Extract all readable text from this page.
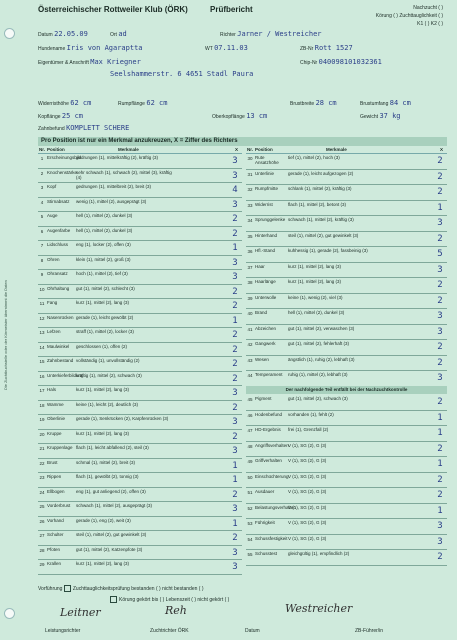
Die Zuchtbuchstelle oder der Körmeister übernimmt die Daten
Österreichischer Rottweiler Klub (ÖRK)	Prüfbericht	Nachzucht ( )
Körung ( ) Zuchttauglichkeit ( )
K1 ( ) K2 ( )
Datum 22.05.09	Ort ad	Richter Jarner / Westreicher
Hundename Iris von Agaraptta	WT 07.11.03	ZB-Nr Rott 1527
Eigentümer & Anschrift Max Kriegner	Chip-Nr 040098101032361
Seelshammerstr. 6 4651 Stadl Paura
Widerristhöhe 62 cm	Rumpflänge 62 cm	Brustbreite 28 cm	Brustumfang 84 cm
Kopflänge 25 cm	Oberkopflänge 13 cm	Gewicht 37 kg
Zahnbefund KOMPLETT SCHERE
Pro Position ist nur ein Merkmal anzukreuzen, X = Ziffer des Richters
Nr. Position	Merkmale	X Nr. Position	Merkmale	X
1 Erscheinungsbild
gedrungen (1), mittelkräftig (2), kräftig (3)	3
2 Knochenstärke
sehr schwach (1), schwach (2), mittel (3), kräftig (4)	3
3 Kopf	gedrungen (1), mittelbreit (2), breit (3)	4
4 Stirnabsatz	wenig (1), mittel (2), ausgeprägt (3)	3
5 Auge	hell (1), mittel (2), dunkel (3)	2
6 Augenfarbe	hell (1), mittel (2), dunkel (3)	2
7 Lidschluss	eng (1), locker (2), offen (3)	1
8 Ohren	klein (1), mittel (2), groß (3)	3
9 Ohransatz	hoch (1), mittel (2), tief (3)	3
10 Ohrhaltung	gut (1), mittel (2), schlecht (3)	2
11 Fang	kurz (1), mittel (2), lang (3)	2
12 Nasenrücken gerade (1), leicht gewölbt (2)	1
13 Lefzen	straff (1), mittel (2), locker (3)	2
14 Maulwinkel	geschlossen (1), offen (2)	2
15 Zahnbestand vollständig (1), unvollständig (2)	2
16 Unterkieferbildung
kräftig (1), mittel (2), schwach (3)	2
17 Hals	kurz (1), mittel (2), lang (3)	3
18 Wamme	keine (1), leicht (2), deutlich (3)	2
19 Oberlinie	gerade (1), Senkrücken (2), Karpfenrücken (3)	3
20 Kruppe	kurz (1), mittel (2), lang (3)	2
21 Kruppenlage flach (1), leicht abfallend (2), steil (3)	3
22 Brust	schmal (1), mittel (2), breit (3)	1
23 Rippen	flach (1), gewölbt (2), tonnig (3)	1
24 Ellbogen	eng (1), gut anliegend (2), offen (3)	2
25 Vorderbrust	schwach (1), mittel (2), ausgeprägt (3)	3
26 Vorhand	gerade (1), eng (2), weit (3)	1
27 Schulter	steil (1), mittel (2), gut gewinkelt (3)	2
28 Pfoten	gut (1), mittel (2), Katzenpfote (3)	3
29 Krallen	kurz (1), mittel (2), lang (3)	3
30 Rute Ansatzhöhe
tief (1), mittel (2), hoch (3)	2
31 Unterlinie	gerade (1), leicht aufgezogen (2)	2
32 Rumpfmitte	schlank (1), mittel (2), kräftig (3)	2
33 Widerrist	flach (1), mittel (2), betont (3)	1
34 Sprunggelenke schwach (1), mittel (2), kräftig (3)	3
35 Hinterhand	steil (1), mittel (2), gut gewinkelt (3)	2
36 Hfl.-Stand	kuhhessig (1), gerade (2), fassbeinig (3)	5
37 Haar	kurz (1), mittel (2), lang (3)	3
38 Haarlänge	kurz (1), mittel (2), lang (3)	2
39 Unterwolle	keine (1), wenig (2), viel (3)	2
40 Brand	hell (1), mittel (2), dunkel (3)	3
41 Abzeichen	gut (1), mittel (2), verwaschen (3)	3
42 Gangwerk	gut (1), mittel (2), fehlerhaft (3)	2
43 Wesen	ängstlich (1), ruhig (2), lebhaft (3)	2
44 Temperament	ruhig (1), mittel (2), lebhaft (3)	3
Der nachfolgende Teil entfällt bei der Nachzuchtkontrolle
45 Pigment	gut (1), mittel (2), schwach (3)	2
46 Hodenbefund	vorhanden (1), fehlt (2)	1
47 HD-Ergebnis	frei (1), Grenzfall (2)	1
48 Angriffsverhalten V (1), SG (2), G (3)	2
49 Griffverhalten	V (1), SG (2), G (3)	1
50 Einschüchterung V (1), SG (2), G (3)	2
51 Ausdauer	V (1), SG (2), G (3)	2
52 Belastungsverhalten
V (1), SG (2), G (3)	1
53 Führigkeit	V (1), SG (2), G (3)	3
54 Schussfestigkeit V (1), SG (2), G (3)	3
55 Schusstest	gleichgültig (1), empfindlich (2)	2
Vorführung Zuchttauglichkeitsprüfung bestanden ( ) nicht bestanden ( )
Körung gekört bis ( ) Lebenszeit ( ) nicht gekört ( )
Leitner	Reh	Westreicher
Leistungsrichter	Zuchtrichter ÖRK	Datum	ZB-Führer/in
